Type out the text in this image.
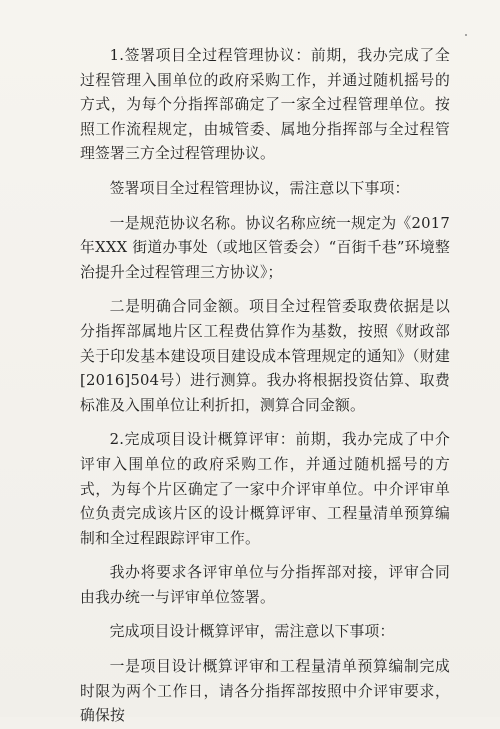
1.签署项目全过程管理协议：前期，我办完成了全过程管理入围单位的政府采购工作，并通过随机摇号的方式，为每个分指挥部确定了一家全过程管理单位。按照工作流程规定，由城管委、属地分指挥部与全过程管理签署三方全过程管理协议。

签署项目全过程管理协议，需注意以下事项：

一是规范协议名称。协议名称应统一规定为《2017 年XXX 街道办事处（或地区管委会）“百街千巷”环境整治提升全过程管理三方协议》；

二是明确合同金额。项目全过程管委取费依据是以分指挥部属地片区工程费估算作为基数，按照《财政部关于印发基本建设项目建设成本管理规定的通知》（财建[2016]504号）进行测算。我办将根据投资估算、取费标准及入围单位让利折扣，测算合同金额。

2.完成项目设计概算评审：前期，我办完成了中介评审入围单位的政府采购工作，并通过随机摇号的方式，为每个片区确定了一家中介评审单位。中介评审单位负责完成该片区的设计概算评审、工程量清单预算编制和全过程跟踪评审工作。

我办将要求各评审单位与分指挥部对接，评审合同由我办统一与评审单位签署。

完成项目设计概算评审，需注意以下事项：

一是项目设计概算评审和工程量清单预算编制完成时限为两个工作日，请各分指挥部按照中介评审要求，确保按
